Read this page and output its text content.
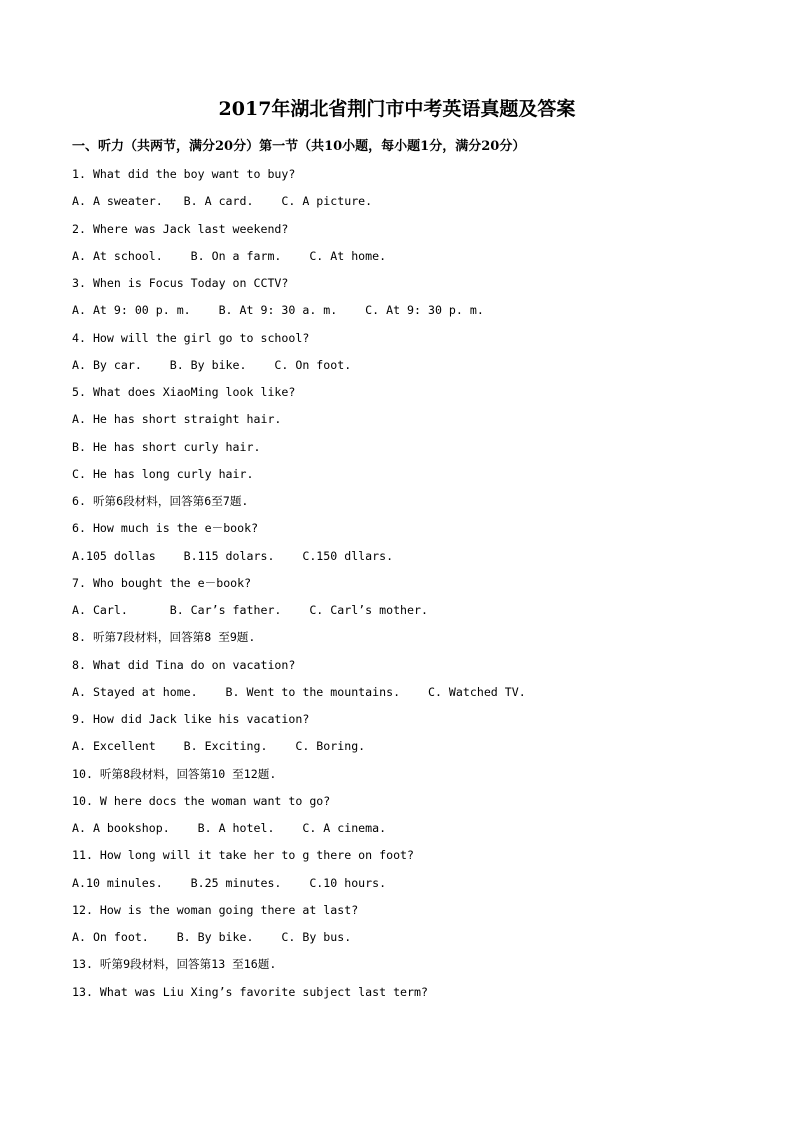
2017年湖北省荆门市中考英语真题及答案
一、听力（共两节，满分20分）第一节（共10小题，每小题1分，满分20分）
1. What did the boy want to buy?
A. A sweater.   B. A card.    C. A picture.
2. Where was Jack last weekend?
A. At school.    B. On a farm.    C. At home.
3. When is Focus Today on CCTV?
A. At 9: 00 p. m.    B. At 9: 30 a. m.    C. At 9: 30 p. m.
4. How will the girl go to school?
A. By car.    B. By bike.    C. On foot.
5. What does XiaoMing look like?
A. He has short straight hair.
B. He has short curly hair.
C. He has long curly hair.
6. 听第6段材料，回答第6至7题.
6. How much is the e－book?
A.105 dollas    B.115 dolars.    C.150 dllars.
7. Who bought the e－book?
A. Carl.      B. Car’s father.    C. Carl’s mother.
8. 听第7段材料，回答第8 至9题.
8. What did Tina do on vacation?
A. Stayed at home.    B. Went to the mountains.    C. Watched TV.
9. How did Jack like his vacation?
A. Excellent    B. Exciting.    C. Boring.
10. 听第8段材料，回答第10 至12题.
10. W here docs the woman want to go?
A. A bookshop.    B. A hotel.    C. A cinema.
11. How long will it take her to g there on foot?
A.10 minules.    B.25 minutes.    C.10 hours.
12. How is the woman going there at last?
A. On foot.    B. By bike.    C. By bus.
13. 听第9段材料，回答第13 至16题.
13. What was Liu Xing’s favorite subject last term?
